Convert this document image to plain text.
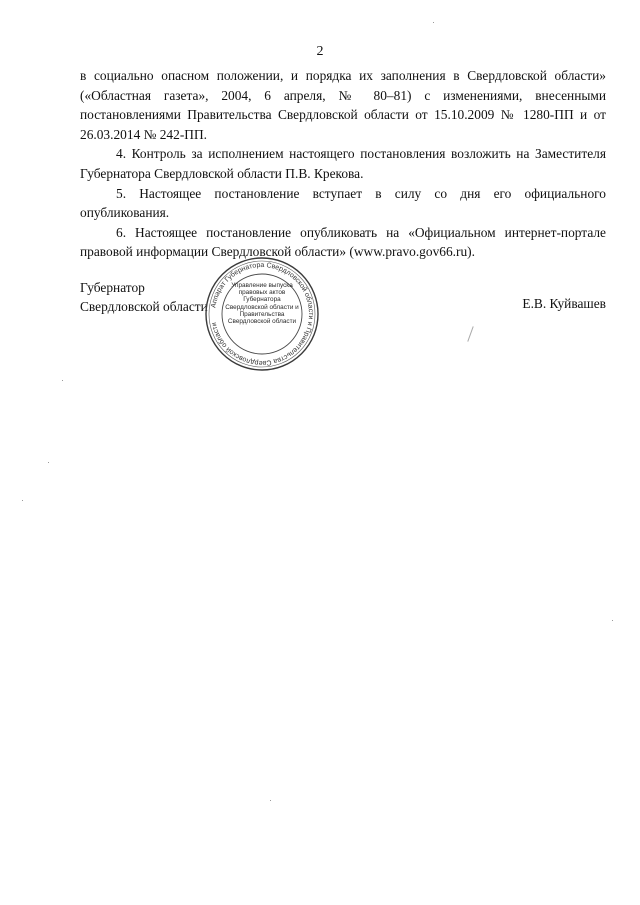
2

в социально опасном положении, и порядка их заполнения в Свердловской области» («Областная газета», 2004, 6 апреля, № 80–81) с изменениями, внесенными постановлениями Правительства Свердловской области от 15.10.2009 № 1280-ПП и от 26.03.2014 № 242-ПП.

4. Контроль за исполнением настоящего постановления возложить на Заместителя Губернатора Свердловской области П.В. Крекова.

5. Настоящее постановление вступает в силу со дня его официального опубликования.

6. Настоящее постановление опубликовать на «Официальном интернет-портале правовой информации Свердловской области» (www.pravo.gov66.ru).

Губернатор
Свердловской области Аппарат Губернатора Свердловской области и Правительства Свердловской области
Управление выпуска правовых актов Губернатора Свердловской области и Правительства Свердловской области
Е.В. Куйвашев
